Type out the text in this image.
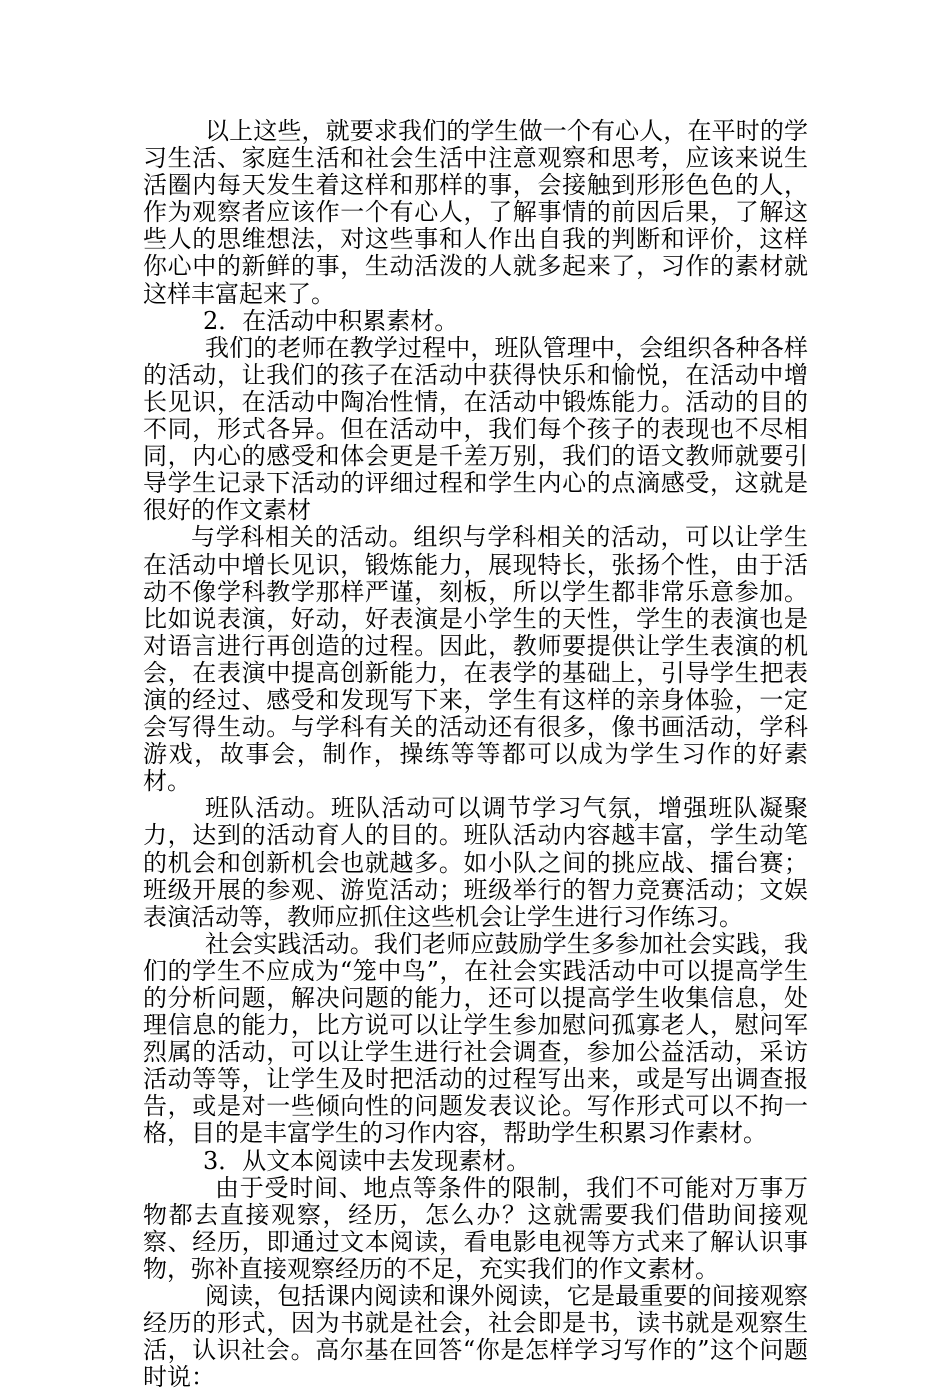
以上这些，就要求我们的学生做一个有心人，在平时的学习生活、家庭生活和社会生活中注意观察和思考，应该来说生活圈内每天发生着这样和那样的事，会接触到形形色色的人，作为观察者应该作一个有心人，了解事情的前因后果，了解这些人的思维想法，对这些事和人作出自我的判断和评价，这样你心中的新鲜的事，生动活泼的人就多起来了，习作的素材就这样丰富起来了。

2．在活动中积累素材。

我们的老师在教学过程中，班队管理中，会组织各种各样的活动，让我们的孩子在活动中获得快乐和愉悦，在活动中增长见识，在活动中陶冶性情，在活动中锻炼能力。活动的目的不同，形式各异。但在活动中，我们每个孩子的表现也不尽相同，内心的感受和体会更是千差万别，我们的语文教师就要引导学生记录下活动的评细过程和学生内心的点滴感受，这就是很好的作文素材

与学科相关的活动。组织与学科相关的活动，可以让学生在活动中增长见识，锻炼能力，展现特长，张扬个性，由于活动不像学科教学那样严谨，刻板，所以学生都非常乐意参加。比如说表演，好动，好表演是小学生的天性，学生的表演也是对语言进行再创造的过程。因此，教师要提供让学生表演的机会，在表演中提高创新能力，在表学的基础上，引导学生把表演的经过、感受和发现写下来，学生有这样的亲身体验，一定会写得生动。与学科有关的活动还有很多，像书画活动，学科游戏，故事会，制作，操练等等都可以成为学生习作的好素材。

班队活动。班队活动可以调节学习气氛，增强班队凝聚力，达到的活动育人的目的。班队活动内容越丰富，学生动笔的机会和创新机会也就越多。如小队之间的挑应战、擂台赛；班级开展的参观、游览活动；班级举行的智力竞赛活动；文娱表演活动等，教师应抓住这些机会让学生进行习作练习。

社会实践活动。我们老师应鼓励学生多参加社会实践，我们的学生不应成为“笼中鸟”，在社会实践活动中可以提高学生的分析问题，解决问题的能力，还可以提高学生收集信息，处理信息的能力，比方说可以让学生参加慰问孤寡老人，慰问军烈属的活动，可以让学生进行社会调查，参加公益活动，采访活动等等，让学生及时把活动的过程写出来，或是写出调查报告，或是对一些倾向性的问题发表议论。写作形式可以不拘一格，目的是丰富学生的习作内容，帮助学生积累习作素材。

3．从文本阅读中去发现素材。

由于受时间、地点等条件的限制，我们不可能对万事万物都去直接观察，经历，怎么办？这就需要我们借助间接观察、经历，即通过文本阅读，看电影电视等方式来了解认识事物，弥补直接观察经历的不足，充实我们的作文素材。

阅读，包括课内阅读和课外阅读，它是最重要的间接观察经历的形式，因为书就是社会，社会即是书，读书就是观察生活，认识社会。高尔基在回答“你是怎样学习写作的”这个问题时说：
